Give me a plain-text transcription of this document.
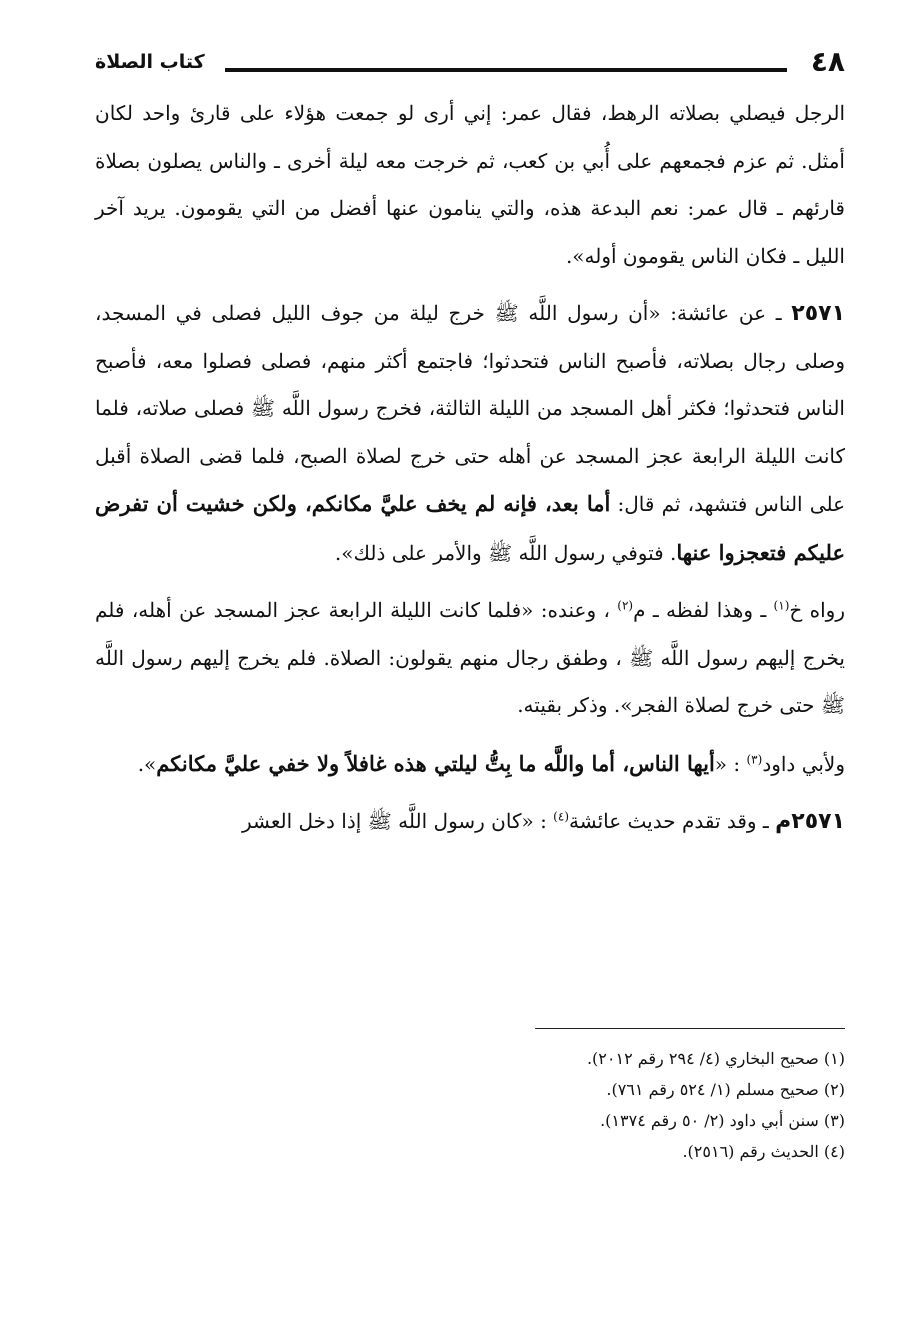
٤٨
كتاب الصلاة

الرجل فيصلي بصلاته الرهط، فقال عمر: إني أرى لو جمعت هؤلاء على قارئ واحد لكان أمثل. ثم عزم فجمعهم على أُبي بن كعب، ثم خرجت معه ليلة أخرى ـ والناس يصلون بصلاة قارئهم ـ قال عمر: نعم البدعة هذه، والتي ينامون عنها أفضل من التي يقومون. يريد آخر الليل ـ فكان الناس يقومون أوله».

٢٥٧١ ـ عن عائشة: «أن رسول اللَّه ﷺ خرج ليلة من جوف الليل فصلى في المسجد، وصلى رجال بصلاته، فأصبح الناس فتحدثوا؛ فاجتمع أكثر منهم، فصلى فصلوا معه، فأصبح الناس فتحدثوا؛ فكثر أهل المسجد من الليلة الثالثة، فخرج رسول اللَّه ﷺ فصلى صلاته، فلما كانت الليلة الرابعة عجز المسجد عن أهله حتى خرج لصلاة الصبح، فلما قضى الصلاة أقبل على الناس فتشهد، ثم قال: أما بعد، فإنه لم يخف عليَّ مكانكم، ولكن خشيت أن تفرض عليكم فتعجزوا عنها. فتوفي رسول اللَّه ﷺ والأمر على ذلك».

رواه خ$^{(١)}$ ـ وهذا لفظه ـ م$^{(٢)}$ ، وعنده: «فلما كانت الليلة الرابعة عجز المسجد عن أهله، فلم يخرج إليهم رسول اللَّه ﷺ ، وطفق رجال منهم يقولون: الصلاة. فلم يخرج إليهم رسول اللَّه ﷺ حتى خرج لصلاة الفجر». وذكر بقيته.

ولأبي داود$^{(٣)}$ : «أيها الناس، أما واللَّه ما بِتُّ ليلتي هذه غافلاً ولا خفي عليَّ مكانكم».

٢٥٧١م ـ وقد تقدم حديث عائشة$^{(٤)}$ : «كان رسول اللَّه ﷺ إذا دخل العشر

(١) صحيح البخاري (٤/ ٢٩٤ رقم ٢٠١٢).
(٢) صحيح مسلم (١/ ٥٢٤ رقم ٧٦١).
(٣) سنن أبي داود (٢/ ٥٠ رقم ١٣٧٤).
(٤) الحديث رقم (٢٥١٦).
